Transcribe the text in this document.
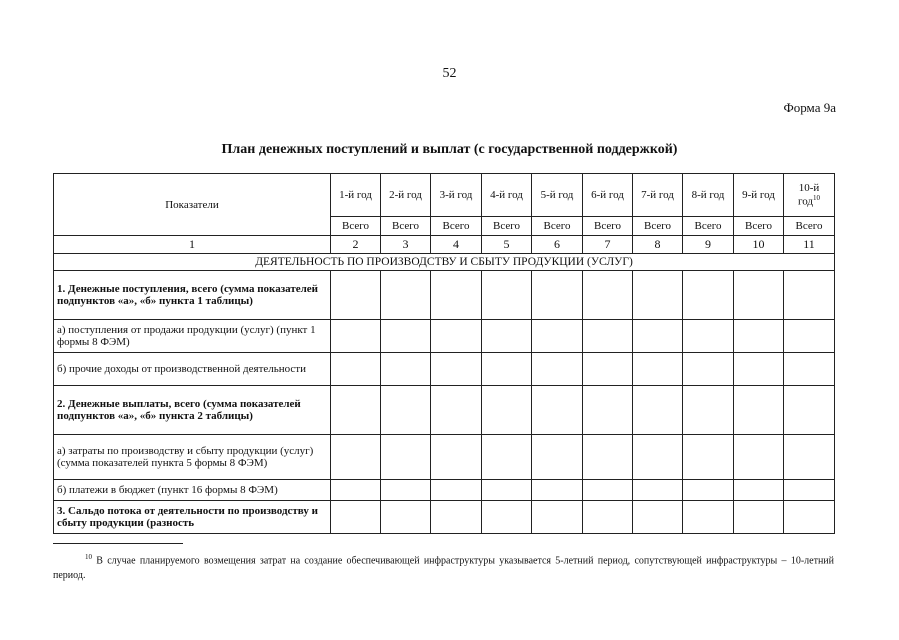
52
Форма 9а
План денежных поступлений и выплат (с государственной поддержкой)
Показатели	1-й год	2-й год	3-й год	4-й год	5-й год	6-й год	7-й год	8-й год	9-й год	10-й год$^{10}$
	Всего	Всего	Всего	Всего	Всего	Всего	Всего	Всего	Всего	Всего
1	2	3	4	5	6	7	8	9	10	11
ДЕЯТЕЛЬНОСТЬ ПО ПРОИЗВОДСТВУ И СБЫТУ ПРОДУКЦИИ (УСЛУГ)										
1. Денежные поступления, всего (сумма показателей подпунктов «а», «б» пункта 1 таблицы)										
а) поступления от продажи продукции (услуг) (пункт 1 формы 8 ФЭМ)										
б) прочие доходы от производственной деятельности										
2. Денежные выплаты, всего (сумма показателей подпунктов «а», «б» пункта 2 таблицы)										
а) затраты по производству и сбыту продукции (услуг) (сумма показателей пункта 5 формы 8 ФЭМ)										
б) платежи в бюджет (пункт 16 формы 8 ФЭМ)										
3. Сальдо потока от деятельности по производству и сбыту продукции (разность										
$^{10}$ В случае планируемого возмещения затрат на создание обеспечивающей инфраструктуры указывается 5-летний период, сопутствующей инфраструктуры – 10-летний период.
